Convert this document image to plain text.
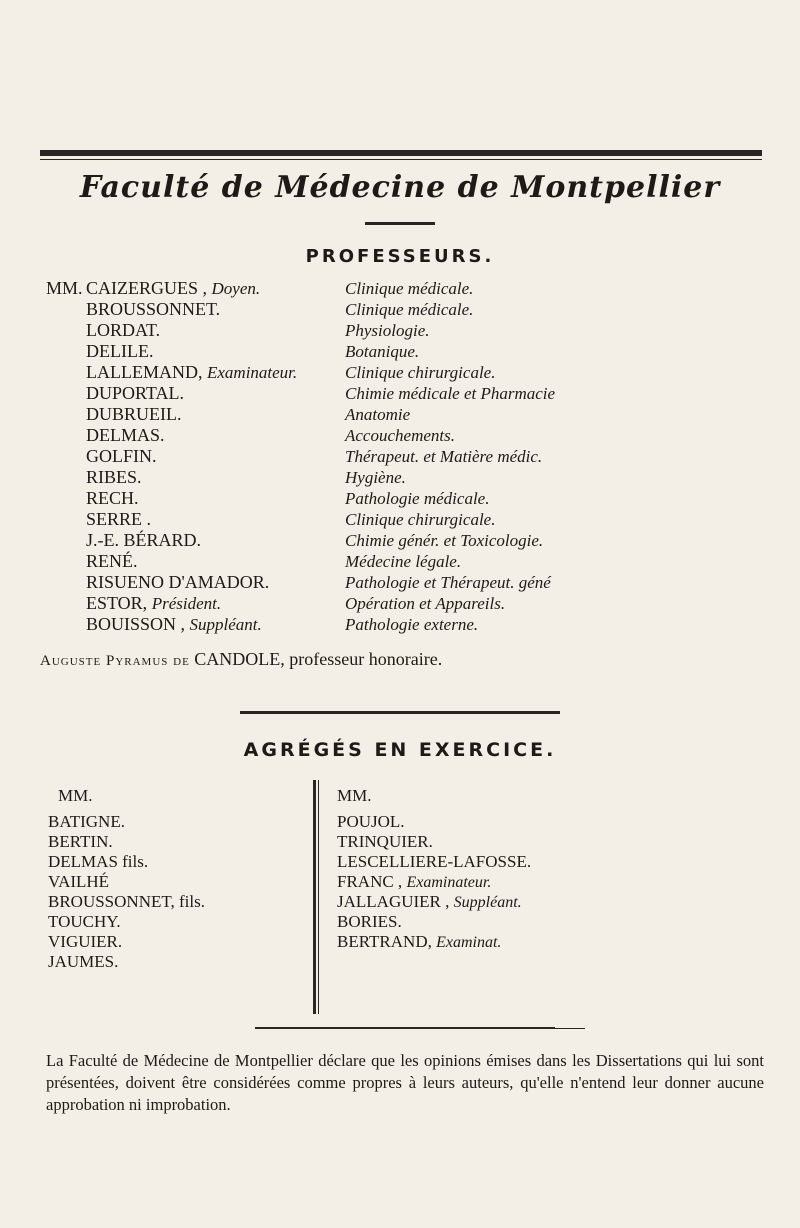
Faculté de Médecine de Montpellier
PROFESSEURS.
MM. CAIZERGUES , Doyen.
BROUSSONNET.
LORDAT.
DELILE.
LALLEMAND, Examinateur.
DUPORTAL.
DUBRUEIL.
DELMAS.
GOLFIN.
RIBES.
RECH.
SERRE .
J.-E. BÉRARD.
RENÉ.
RISUENO D'AMADOR.
ESTOR, Président.
BOUISSON , Suppléant.
Clinique médicale.
Clinique médicale.
Physiologie.
Botanique.
Clinique chirurgicale.
Chimie médicale et Pharmacie
Anatomie
Accouchements.
Thérapeut. et Matière médic.
Hygiène.
Pathologie médicale.
Clinique chirurgicale.
Chimie génér. et Toxicologie.
Médecine légale.
Pathologie et Thérapeut. géné
Opération et Appareils.
Pathologie externe.
Auguste Pyramus de CANDOLE, professeur honoraire.
AGRÉGÉS EN EXERCICE.
MM.
BATIGNE.
BERTIN.
DELMAS fils.
VAILHÉ
BROUSSONNET, fils.
TOUCHY.
VIGUIER.
JAUMES.
MM.
POUJOL.
TRINQUIER.
LESCELLIERE-LAFOSSE.
FRANC , Examinateur.
JALLAGUIER , Suppléant.
BORIES.
BERTRAND, Examinat.
La Faculté de Médecine de Montpellier déclare que les opinions émises dans les Dissertations qui lui sont présentées, doivent être considérées comme propres à leurs auteurs, qu'elle n'entend leur donner aucune approbation ni improbation.
